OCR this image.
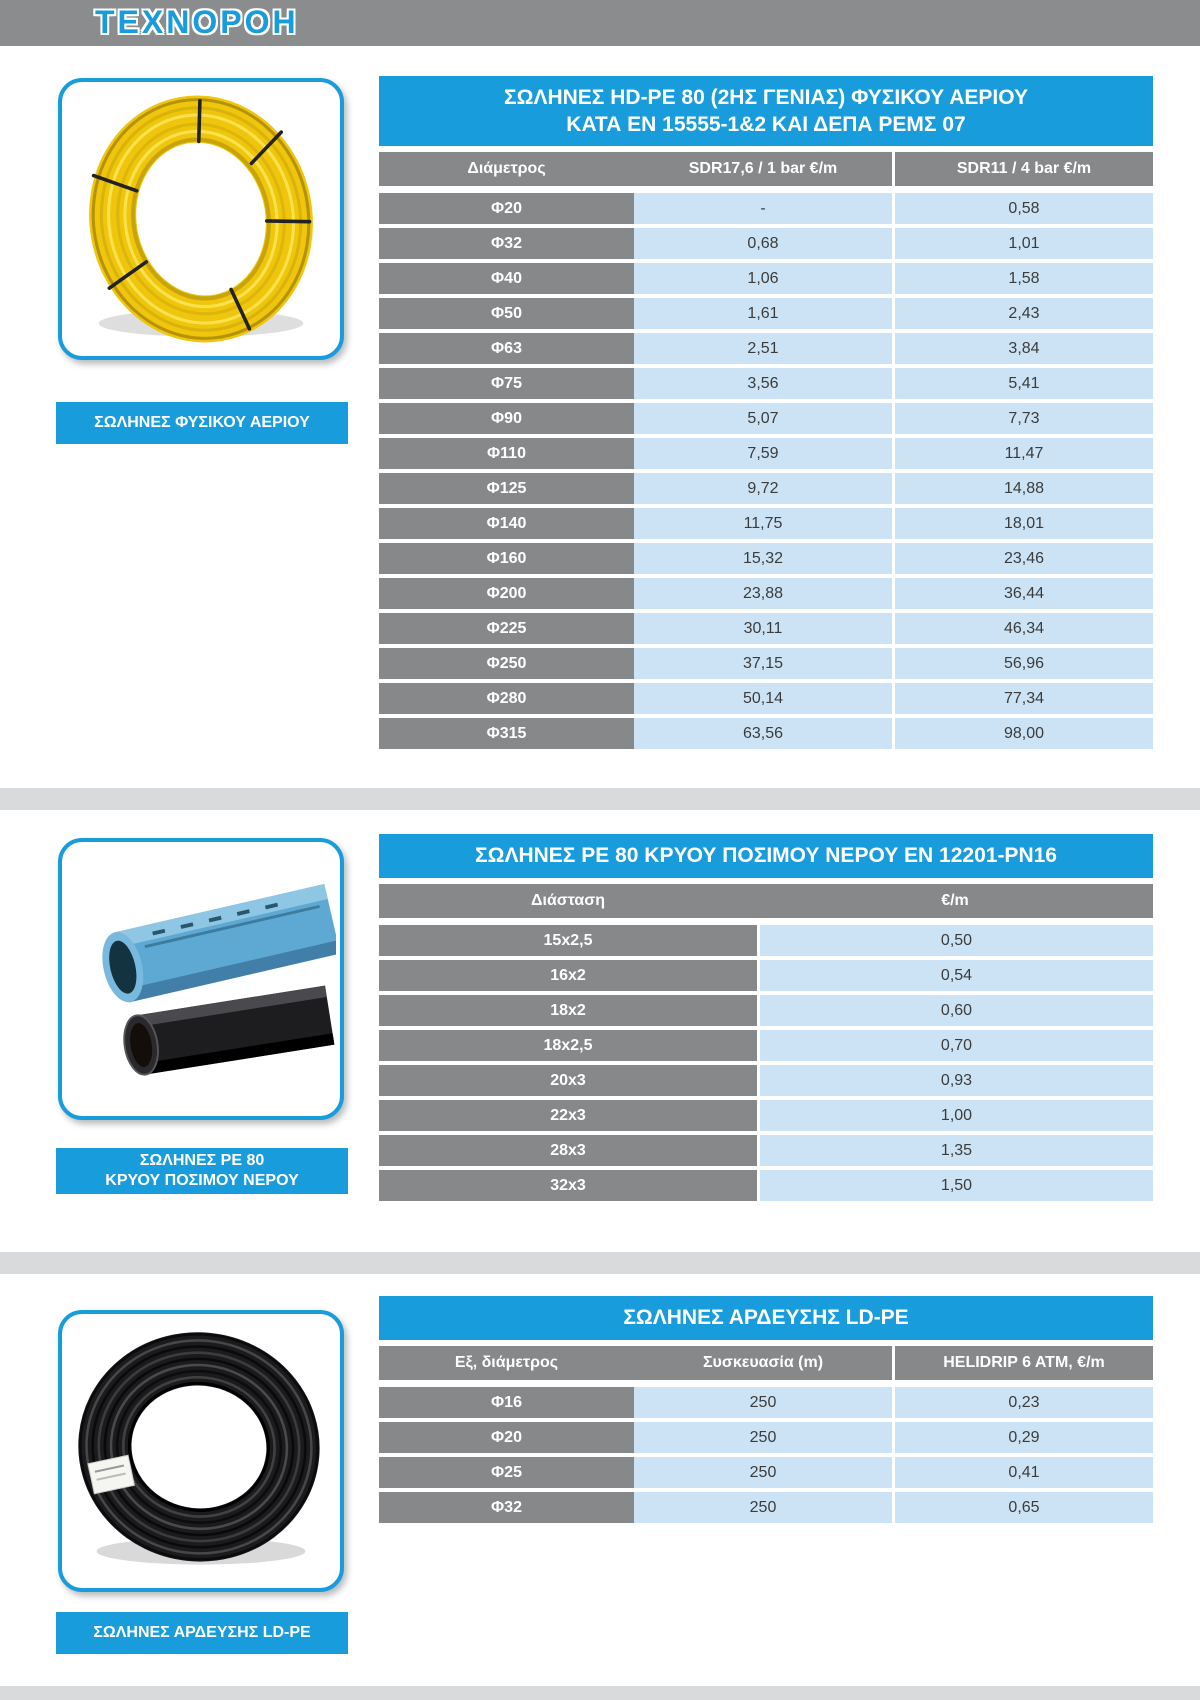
ΤΕΧΝΟΡΟΗ
ΣΩΛΗΝΕΣ ΦΥΣΙΚΟΥ ΑΕΡΙΟΥ
ΣΩΛΗΝΕΣ HD-PE 80 (2ΗΣ ΓΕΝΙΑΣ) ΦΥΣΙΚΟΥ ΑΕΡΙΟΥ
ΚΑΤΑ EN 15555-1&2 ΚΑΙ ΔΕΠΑ ΡΕΜΣ 07
Διάμετρος	SDR17,6 / 1 bar €/m	SDR11 / 4 bar €/m
Φ20	-	0,58
Φ32	0,68	1,01
Φ40	1,06	1,58
Φ50	1,61	2,43
Φ63	2,51	3,84
Φ75	3,56	5,41
Φ90	5,07	7,73
Φ110	7,59	11,47
Φ125	9,72	14,88
Φ140	11,75	18,01
Φ160	15,32	23,46
Φ200	23,88	36,44
Φ225	30,11	46,34
Φ250	37,15	56,96
Φ280	50,14	77,34
Φ315	63,56	98,00
ΣΩΛΗΝΕΣ PE 80
ΚΡΥΟΥ ΠΟΣΙΜΟΥ ΝΕΡΟΥ
ΣΩΛΗΝΕΣ PE 80 ΚΡΥΟΥ ΠΟΣΙΜΟΥ ΝΕΡΟΥ EN 12201-PN16
Διάσταση	€/m
15x2,5	0,50
16x2	0,54
18x2	0,60
18x2,5	0,70
20x3	0,93
22x3	1,00
28x3	1,35
32x3	1,50
ΣΩΛΗΝΕΣ ΑΡΔΕΥΣΗΣ LD-PE
ΣΩΛΗΝΕΣ ΑΡΔΕΥΣΗΣ LD-PE
Εξ, διάμετρος	Συσκευασία (m)	HELIDRIP 6 ATM, €/m
Φ16	250	0,23
Φ20	250	0,29
Φ25	250	0,41
Φ32	250	0,65
